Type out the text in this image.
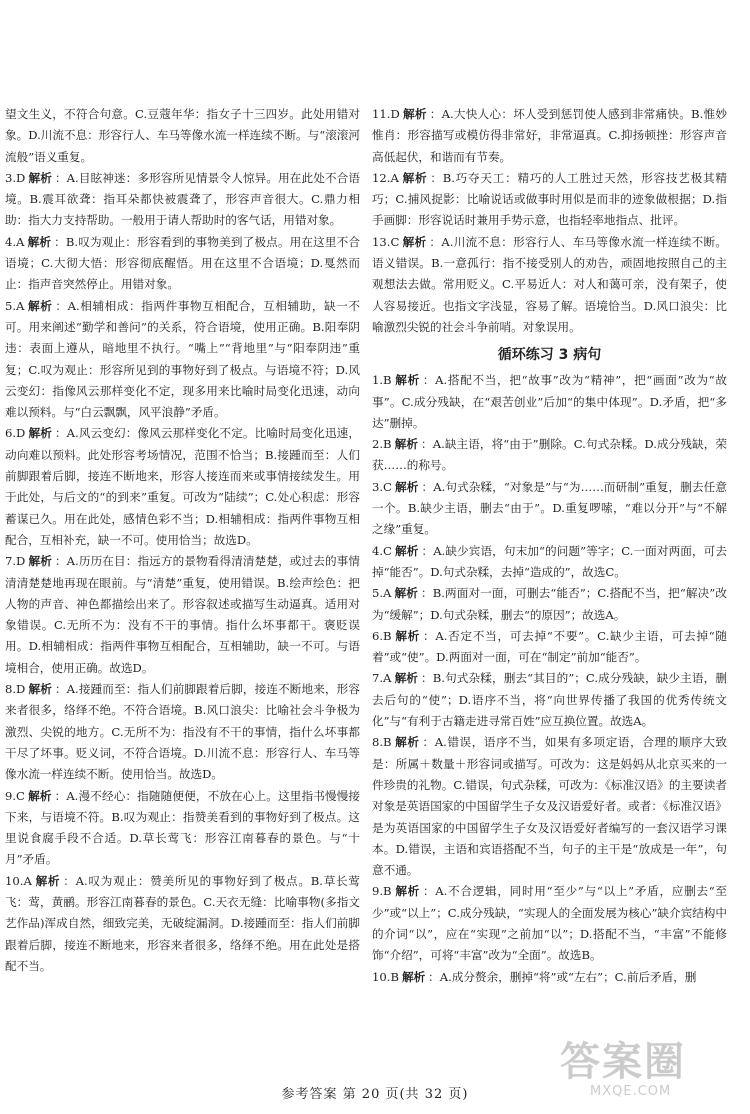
望文生义，不符合句意。C.豆蔻年华：指女子十三四岁。此处用错对象。D.川流不息：形容行人、车马等像水流一样连续不断。与“滚滚河流般”语义重复。

3.D 解析 ：A.目眩神迷：多形容所见情景令人惊异。用在此处不合语境。B.震耳欲聋：指耳朵都快被震聋了，形容声音很大。C.鼎力相助：指大力支持帮助。一般用于请人帮助时的客气话，用错对象。

4.A 解析 ：B.叹为观止：形容看到的事物美到了极点。用在这里不合语境；C.大彻大悟：形容彻底醒悟。用在这里不合语境；D.戛然而止：指声音突然停止。用错对象。

5.A 解析 ：A.相辅相成：指两件事物互相配合，互相辅助，缺一不可。用来阐述“勤学和善问”的关系，符合语境，使用正确。B.阳奉阴违：表面上遵从，暗地里不执行。“嘴上”“背地里”与“阳奉阴违”重复；C.叹为观止：形容所见到的事物好到了极点。与语境不符；D.风云变幻：指像风云那样变化不定，现多用来比喻时局变化迅速，动向难以预料。与“白云飘飘，风平浪静”矛盾。

6.D 解析 ：A.风云变幻：像风云那样变化不定。比喻时局变化迅速，动向难以预料。此处形容考场情况，范围不恰当；B.接踵而至：人们前脚跟着后脚，接连不断地来，形容人接连而来或事情接续发生。用于此处，与后文的“的到来”重复。可改为“陆续”；C.处心积虑：形容蓄谋已久。用在此处，感情色彩不当；D.相辅相成：指两件事物互相配合，互相补充，缺一不可。使用恰当；故选D。

7.D 解析 ：A.历历在目：指远方的景物看得清清楚楚，或过去的事情清清楚楚地再现在眼前。与“清楚”重复，使用错误。B.绘声绘色：把人物的声音、神色都描绘出来了。形容叙述或描写生动逼真。适用对象错误。C.无所不为：没有不干的事情。指什么坏事都干。褒贬误用。D.相辅相成：指两件事物互相配合，互相辅助，缺一不可。与语境相合，使用正确。故选D。

8.D 解析 ：A.接踵而至：指人们前脚跟着后脚，接连不断地来，形容来者很多，络绎不绝。不符合语境。B.风口浪尖：比喻社会斗争极为激烈、尖锐的地方。C.无所不为：指没有不干的事情，指什么坏事都干尽了坏事。贬义词，不符合语境。D.川流不息：形容行人、车马等像水流一样连续不断。使用恰当。故选D。

9.C 解析 ：A.漫不经心：指随随便便，不放在心上。这里指书慢慢接下来，与语境不符。B.叹为观止：指赞美看到的事物好到了极点。这里说食腐手段不合适。D.草长莺飞：形容江南暮春的景色。与“十月”矛盾。

10.A 解析 ：A.叹为观止：赞美所见的事物好到了极点。B.草长莺飞：莺，黄鹂。形容江南暮春的景色。C.天衣无缝：比喻事物(多指文艺作品)浑成自然，细致完美，无破绽漏洞。D.接踵而至：指人们前脚跟着后脚，接连不断地来，形容来者很多，络绎不绝。用在此处是搭配不当。

11.D 解析 ：A.大快人心：坏人受到惩罚使人感到非常痛快。B.惟妙惟肖：形容描写或模仿得非常好，非常逼真。C.抑扬顿挫：形容声音高低起伏，和谐而有节奏。

12.A 解析 ：B.巧夺天工：精巧的人工胜过天然，形容技艺极其精巧；C.捕风捉影：比喻说话或做事时用似是而非的迹象做根据；D.指手画脚：形容说话时兼用手势示意，也指轻率地指点、批评。

13.C 解析 ：A.川流不息：形容行人、车马等像水流一样连续不断。语义错误。B.一意孤行：指不接受别人的劝告，顽固地按照自己的主观想法去做。常用贬义。C.平易近人：对人和蔼可亲，没有架子，使人容易接近。也指文字浅显，容易了解。语境恰当。D.风口浪尖：比喻激烈尖锐的社会斗争前哨。对象误用。

循环练习 3 病句

1.B 解析 ：A.搭配不当，把“故事”改为“精神”，把“画面”改为“故事”。C.成分残缺，在“艰苦创业”后加“的集中体现”。D.矛盾，把“多达”删掉。

2.B 解析 ：A.缺主语，将“由于”删除。C.句式杂糅。D.成分残缺，荣获……的称号。

3.C 解析 ：A.句式杂糅，“对象是”与“为……而研制”重复，删去任意一个。B.缺少主语，删去“由于”。D.重复啰嗦，“难以分开”与“不解之缘”重复。

4.C 解析 ：A.缺少宾语，句末加“的问题”等字；C.一面对两面，可去掉“能否”。D.句式杂糅，去掉“造成的”，故选C。

5.A 解析 ：B.两面对一面，可删去“能否”；C.搭配不当，把“解决”改为“缓解”；D.句式杂糅，删去“的原因”；故选A。

6.B 解析 ：A.否定不当，可去掉“不要”。C.缺少主语，可去掉“随着”或“使”。D.两面对一面，可在“制定”前加“能否”。

7.A 解析 ：B.句式杂糅，删去“其目的”；C.成分残缺，缺少主语，删去后句的“使”；D.语序不当，将“向世界传播了我国的优秀传统文化”与“有利于古籍走进寻常百姓”应互换位置。故选A。

8.B 解析 ：A.错误，语序不当，如果有多项定语，合理的顺序大致是：所属＋数量＋形容词或描写。可改为：这是妈妈从北京买来的一件珍贵的礼物。C.错误，句式杂糅，可改为：《标准汉语》的主要读者对象是英语国家的中国留学生子女及汉语爱好者。或者：《标准汉语》是为英语国家的中国留学生子女及汉语爱好者编写的一套汉语学习课本。D.错误，主语和宾语搭配不当，句子的主干是“放成是一年”，句意不通。

9.B 解析 ：A.不合逻辑，同时用“至少”与“以上”矛盾，应删去“至少”或“以上”；C.成分残缺，“实现人的全面发展为核心”缺介宾结构中的介词“以”，应在“实现”之前加“以”；D.搭配不当，“丰富”不能修饰“介绍”，可将“丰富”改为“全面”。故选B。

10.B 解析 ：A.成分赘余，删掉“将”或“左右”；C.前后矛盾，删

参考答案 第 20 页(共 32 页)
答案圈
MXQE.COM
